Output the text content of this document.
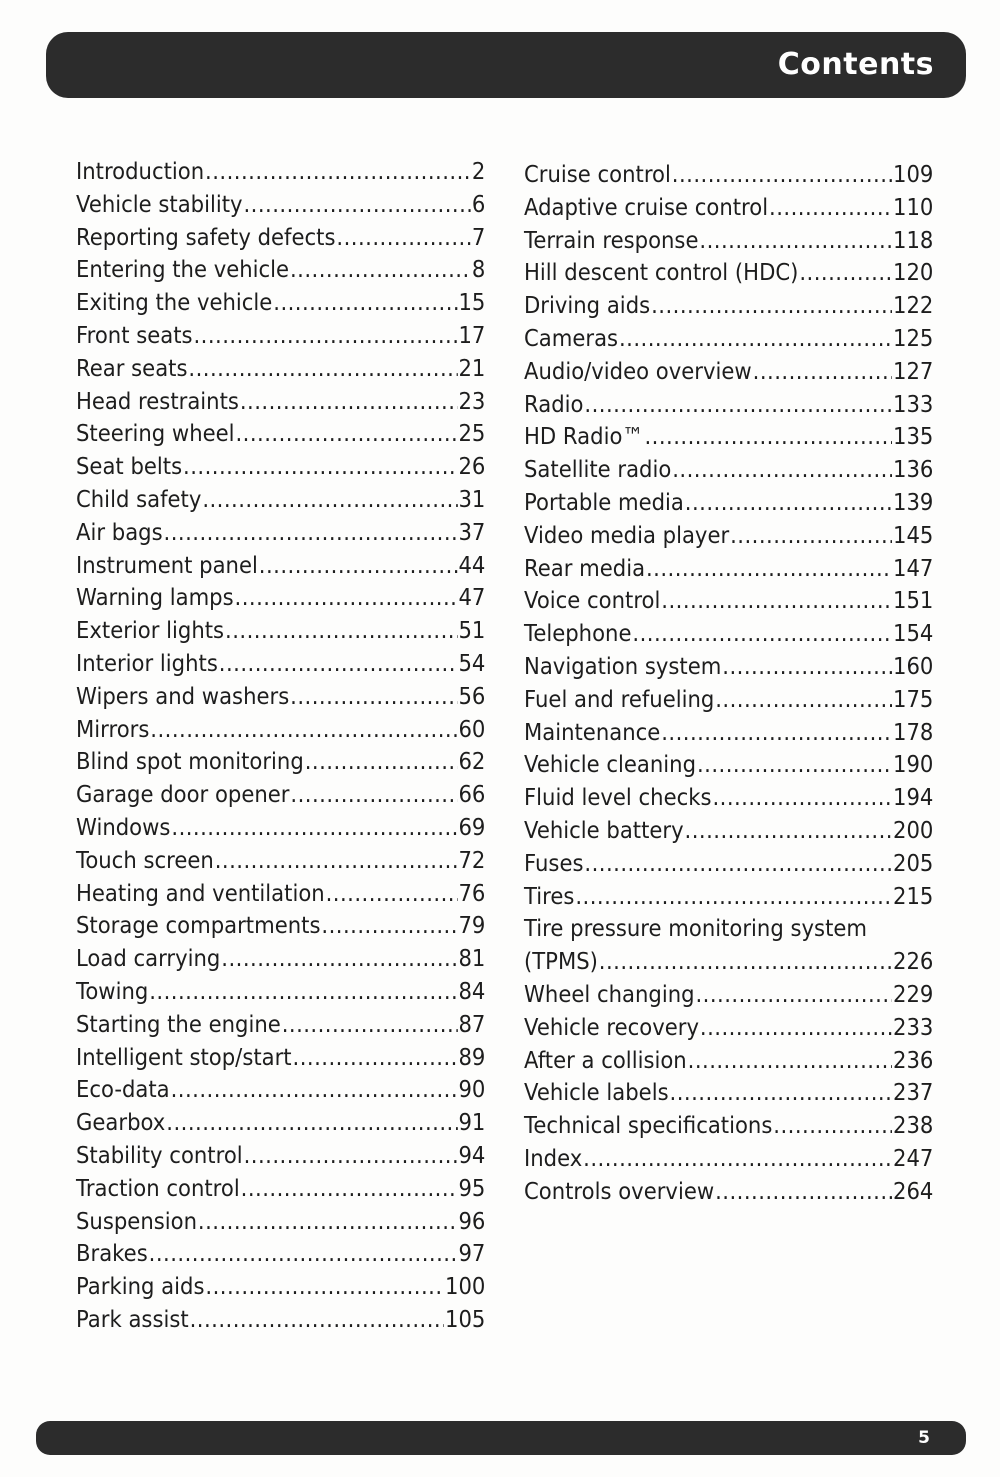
Contents
Introduction .....	2
Vehicle stability .....	6
Reporting safety defects .....	7
Entering the vehicle .....	8
Exiting the vehicle .....	15
Front seats .....	17
Rear seats .....	21
Head restraints .....	23
Steering wheel .....	25
Seat belts .....	26
Child safety .....	31
Air bags .....	37
Instrument panel .....	44
Warning lamps .....	47
Exterior lights .....	51
Interior lights .....	54
Wipers and washers .....	56
Mirrors .....	60
Blind spot monitoring .....	62
Garage door opener .....	66
Windows .....	69
Touch screen .....	72
Heating and ventilation .....	76
Storage compartments .....	79
Load carrying .....	81
Towing .....	84
Starting the engine .....	87
Intelligent stop/start .....	89
Eco-data .....	90
Gearbox .....	91
Stability control .....	94
Traction control .....	95
Suspension .....	96
Brakes .....	97
Parking aids .....	100
Park assist .....	105
Cruise control .....	109
Adaptive cruise control .....	110
Terrain response .....	118
Hill descent control (HDC) .....	120
Driving aids .....	122
Cameras .....	125
Audio/video overview .....	127
Radio .....	133
HD Radio™ .....	135
Satellite radio .....	136
Portable media .....	139
Video media player .....	145
Rear media .....	147
Voice control .....	151
Telephone .....	154
Navigation system .....	160
Fuel and refueling .....	175
Maintenance .....	178
Vehicle cleaning .....	190
Fluid level checks .....	194
Vehicle battery .....	200
Fuses .....	205
Tires .....	215
Tire pressure monitoring system
(TPMS) .....	226
Wheel changing .....	229
Vehicle recovery .....	233
After a collision .....	236
Vehicle labels .....	237
Technical specifications .....	238
Index .....	247
Controls overview .....	264
5
